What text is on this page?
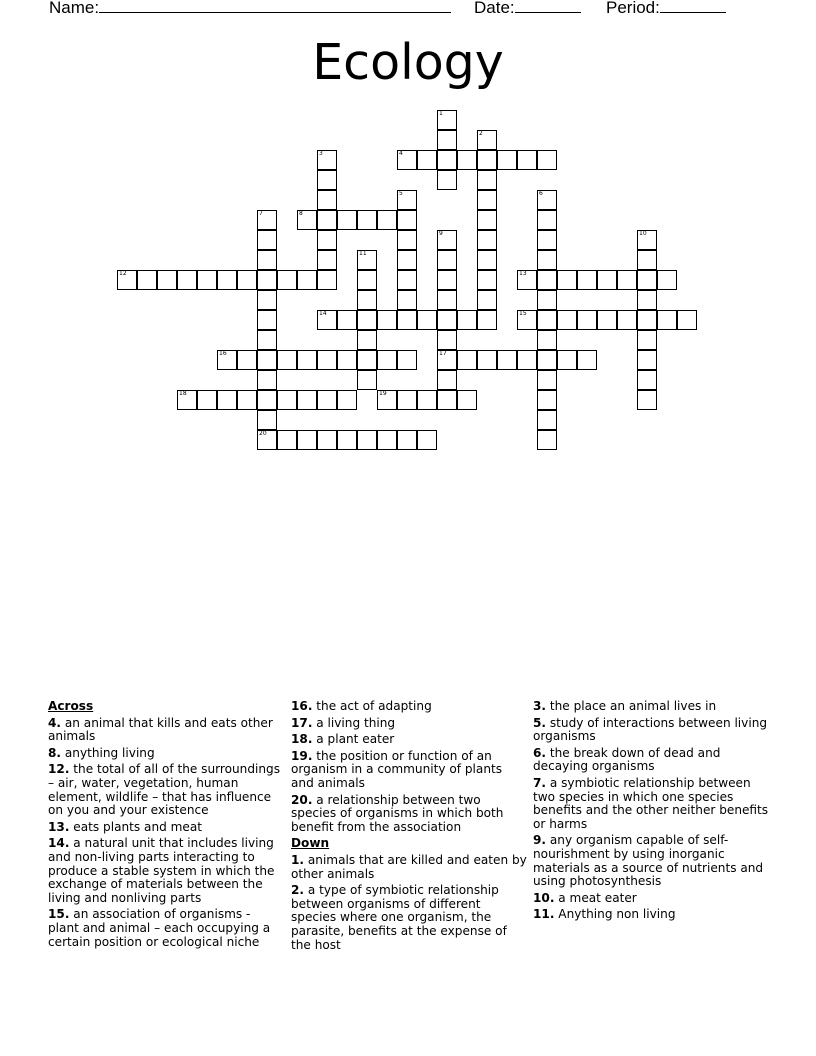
Name:	Date:	Period:
Ecology
4
8
12	13
14	15
16	17
18	19
20
1
2
3
5	6
7
9	10
11
Across
4. an animal that kills and eats other animals
8. anything living
12. the total of all of the surroundings – air, water, vegetation, human element, wildlife – that has influence on you and your existence
13. eats plants and meat
14. a natural unit that includes living and non-living parts interacting to produce a stable system in which the exchange of materials between the living and nonliving parts
15. an association of organisms - plant and animal – each occupying a certain position or ecological niche
16. the act of adapting
17. a living thing
18. a plant eater
19. the position or function of an organism in a community of plants and animals
20. a relationship between two species of organisms in which both benefit from the association
Down
1. animals that are killed and eaten by other animals
2. a type of symbiotic relationship between organisms of different species where one organism, the parasite, benefits at the expense of the host
3. the place an animal lives in
5. study of interactions between living organisms
6. the break down of dead and decaying organisms
7. a symbiotic relationship between two species in which one species benefits and the other neither benefits or harms
9. any organism capable of self-nourishment by using inorganic materials as a source of nutrients and using photosynthesis
10. a meat eater
11. Anything non living
